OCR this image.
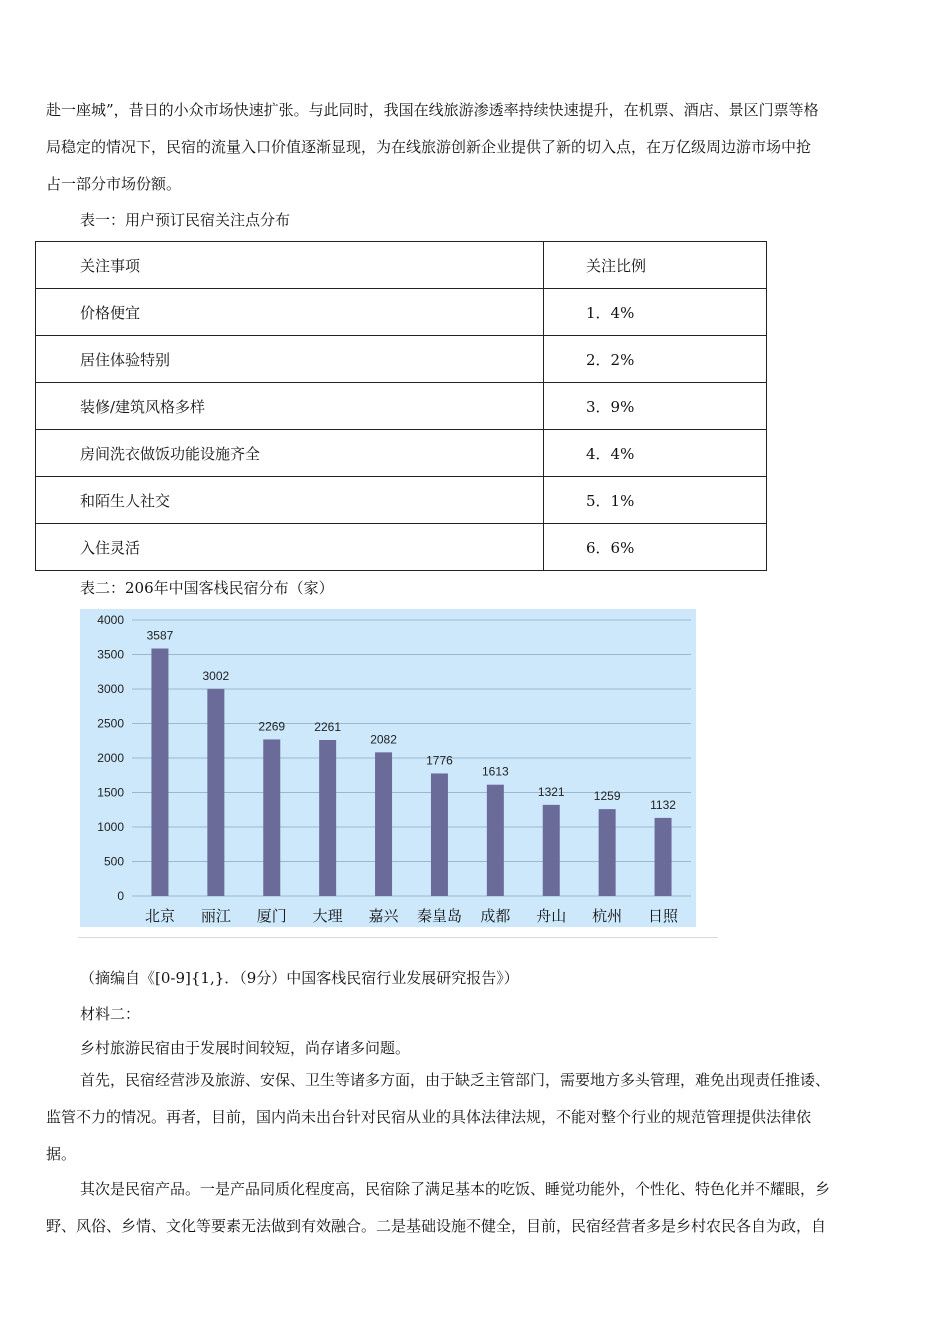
赴一座城”，昔日的小众市场快速扩张。与此同时，我国在线旅游渗透率持续快速提升，在机票、酒店、景区门票等格
局稳定的情况下，民宿的流量入口价值逐渐显现，为在线旅游创新企业提供了新的切入点，在万亿级周边游市场中抢
占一部分市场份额。

表一：用户预订民宿关注点分布

关注事项	关注比例
价格便宜	1．4%
居住体验特别	2．2%
装修/建筑风格多样	3．9%
房间洗衣做饭功能设施齐全	4．4%
和陌生人社交	5．1%
入住灵活	6．6%

表二：206年中国客栈民宿分布（家）

0
500
1000
1500
2000
2500
3000
3500
4000
3587
北京
3002
丽江
2269
厦门
2261
大理
2082
嘉兴
1776
秦皇岛
1613
成都
1321
舟山
1259
杭州
1132
日照

（摘编自《[0-9]{1,}．（9分）中国客栈民宿行业发展研究报告》）

材料二：

乡村旅游民宿由于发展时间较短，尚存诸多问题。

首先，民宿经营涉及旅游、安保、卫生等诸多方面，由于缺乏主管部门，需要地方多头管理，难免出现责任推诿、
监管不力的情况。再者，目前，国内尚未出台针对民宿从业的具体法律法规，不能对整个行业的规范管理提供法律依
据。

其次是民宿产品。一是产品同质化程度高，民宿除了满足基本的吃饭、睡觉功能外，个性化、特色化并不耀眼，乡
野、风俗、乡情、文化等要素无法做到有效融合。二是基础设施不健全，目前，民宿经营者多是乡村农民各自为政，自
